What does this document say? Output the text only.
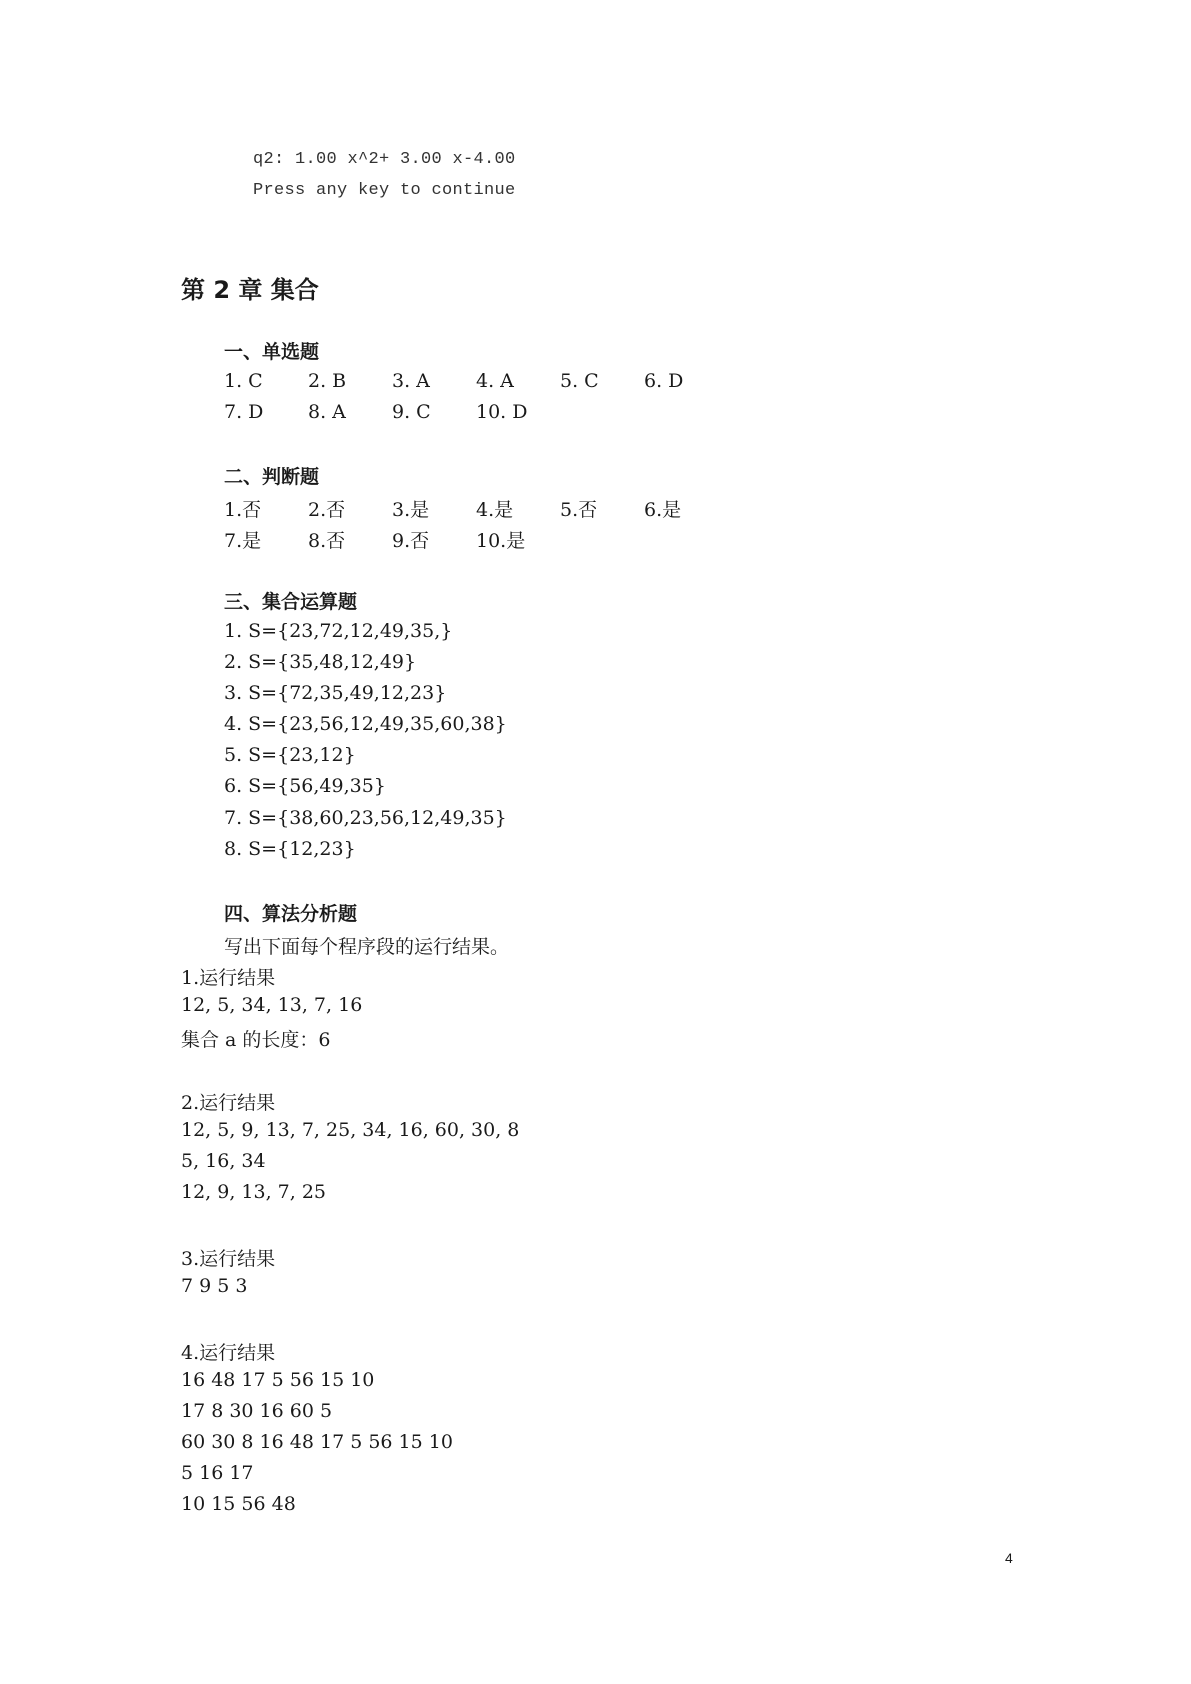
q2: 1.00 x^2+ 3.00 x-4.00
Press any key to continue
第 2 章 集合
一、单选题
1. C 2. B 3. A 4. A 5. C 6. D
7. D 8. A 9. C 10. D
二、判断题
1.否 2.否 3.是 4.是 5.否 6.是
7.是 8.否 9.否 10.是
三、集合运算题
1. S={23,72,12,49,35,}
2. S={35,48,12,49}
3. S={72,35,49,12,23}
4. S={23,56,12,49,35,60,38}
5. S={23,12}
6. S={56,49,35}
7. S={38,60,23,56,12,49,35}
8. S={12,23}
四、算法分析题
写出下面每个程序段的运行结果。
1.运行结果
12, 5, 34, 13, 7, 16
集合 a 的长度：6
2.运行结果
12, 5, 9, 13, 7, 25, 34, 16, 60, 30, 8
5, 16, 34
12, 9, 13, 7, 25
3.运行结果
7 9 5 3
4.运行结果
16 48 17 5 56 15 10
17 8 30 16 60 5
60 30 8 16 48 17 5 56 15 10
5 16 17
10 15 56 48
4
